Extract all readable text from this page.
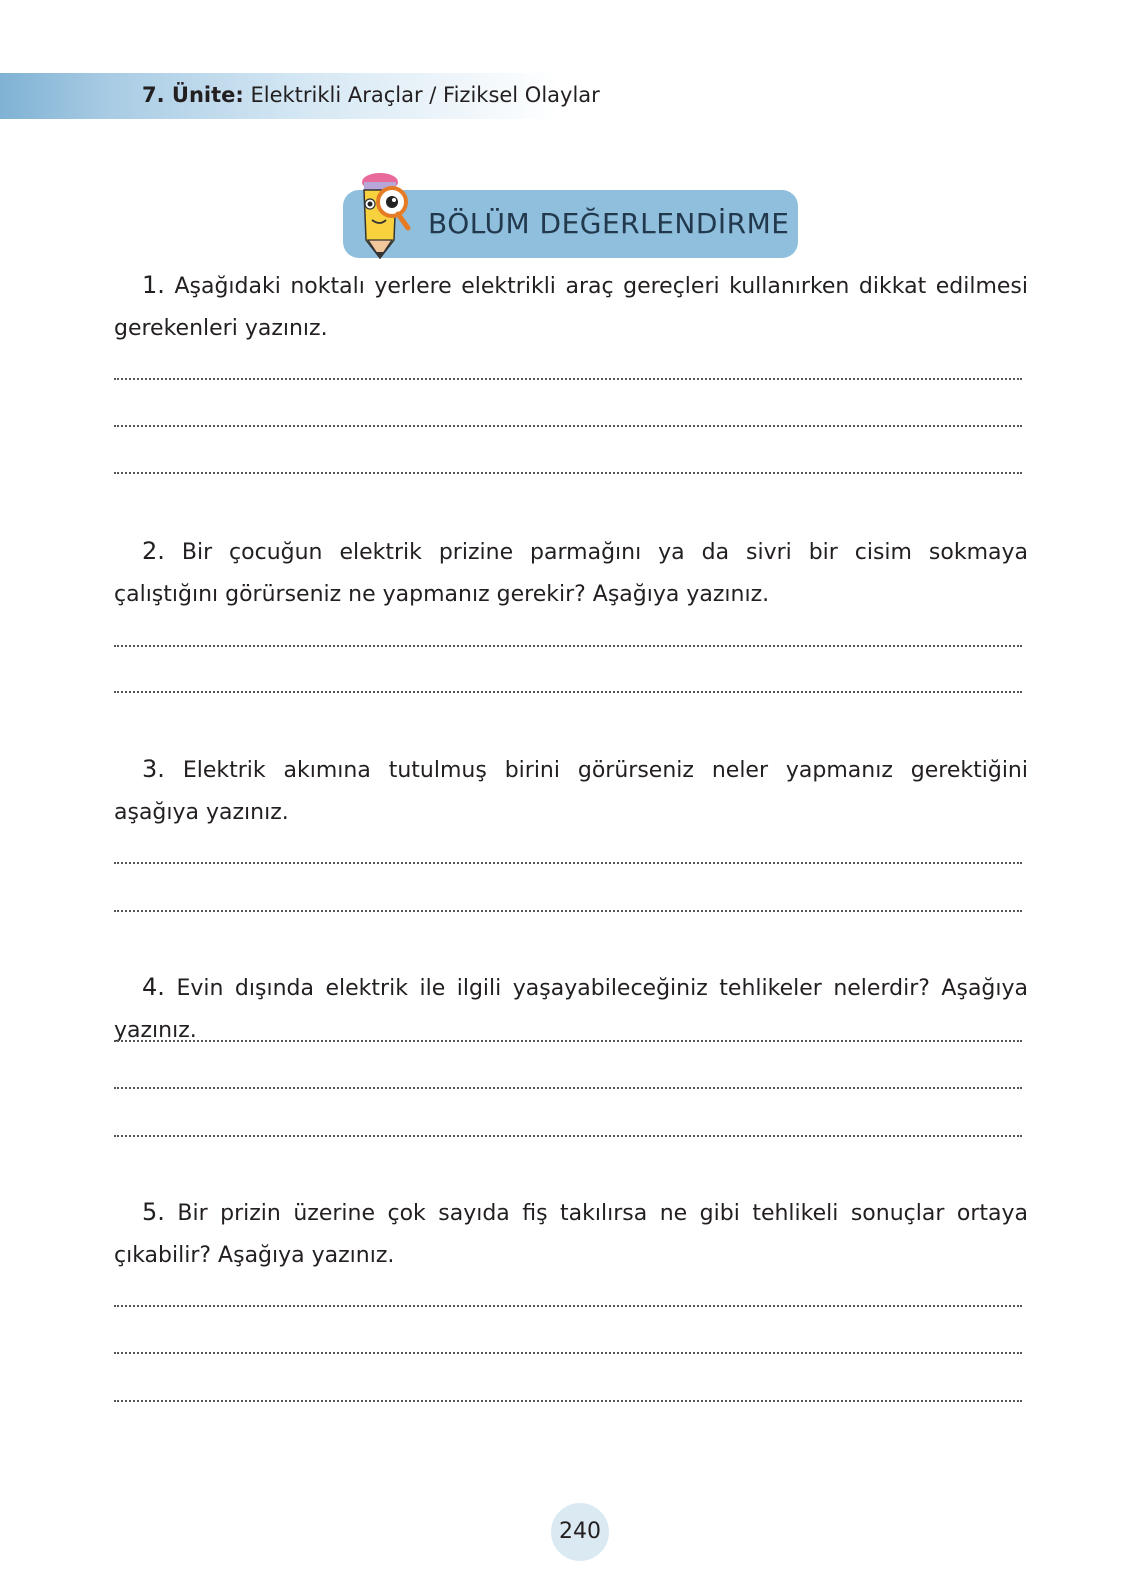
7. Ünite: Elektrikli Araçlar / Fiziksel Olaylar
BÖLÜM DEĞERLENDİRME
1. Aşağıdaki noktalı yerlere elektrikli araç gereçleri kullanırken dikkat edilmesi gerekenleri yazınız.
2. Bir çocuğun elektrik prizine parmağını ya da sivri bir cisim sokmaya çalıştığını görürseniz ne yapmanız gerekir? Aşağıya yazınız.
3. Elektrik akımına tutulmuş birini görürseniz neler yapmanız gerektiğini aşağıya yazınız.
4. Evin dışında elektrik ile ilgili yaşayabileceğiniz tehlikeler nelerdir? Aşağıya yazınız.
5. Bir prizin üzerine çok sayıda fiş takılırsa ne gibi tehlikeli sonuçlar ortaya çıkabilir? Aşağıya yazınız.
240
